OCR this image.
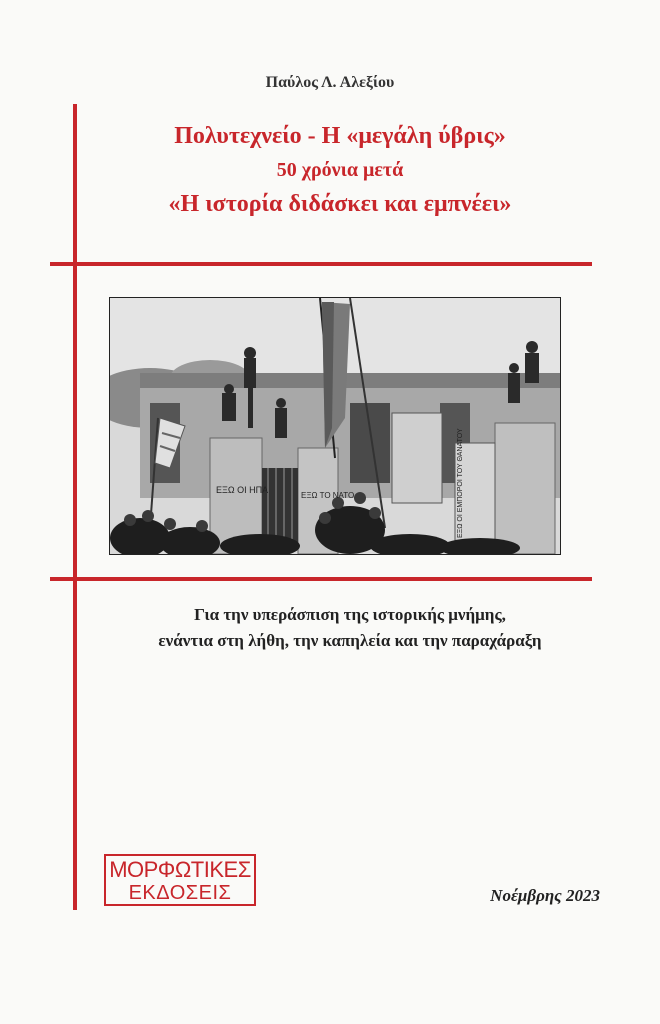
Παύλος Λ. Αλεξίου
Πολυτεχνείο - Η «μεγάλη ύβρις»
50 χρόνια μετά
«Η ιστορία διδάσκει και εμπνέει»
ΕΞΩ ΟΙ ΗΠΑ
ΕΞΩ ΤΟ ΝΑΤΟ	ΕΞΩ ΟΙ ΕΜΠΟΡΟΙ ΤΟΥ ΘΑΝΑΤΟΥ
Για την υπεράσπιση της ιστορικής μνήμης,
ενάντια στη λήθη, την καπηλεία και την παραχάραξη
ΜΟΡΦΩΤΙΚΕΣ
ΕΚΔΟΣΕΙΣ	Νοέμβρης 2023
